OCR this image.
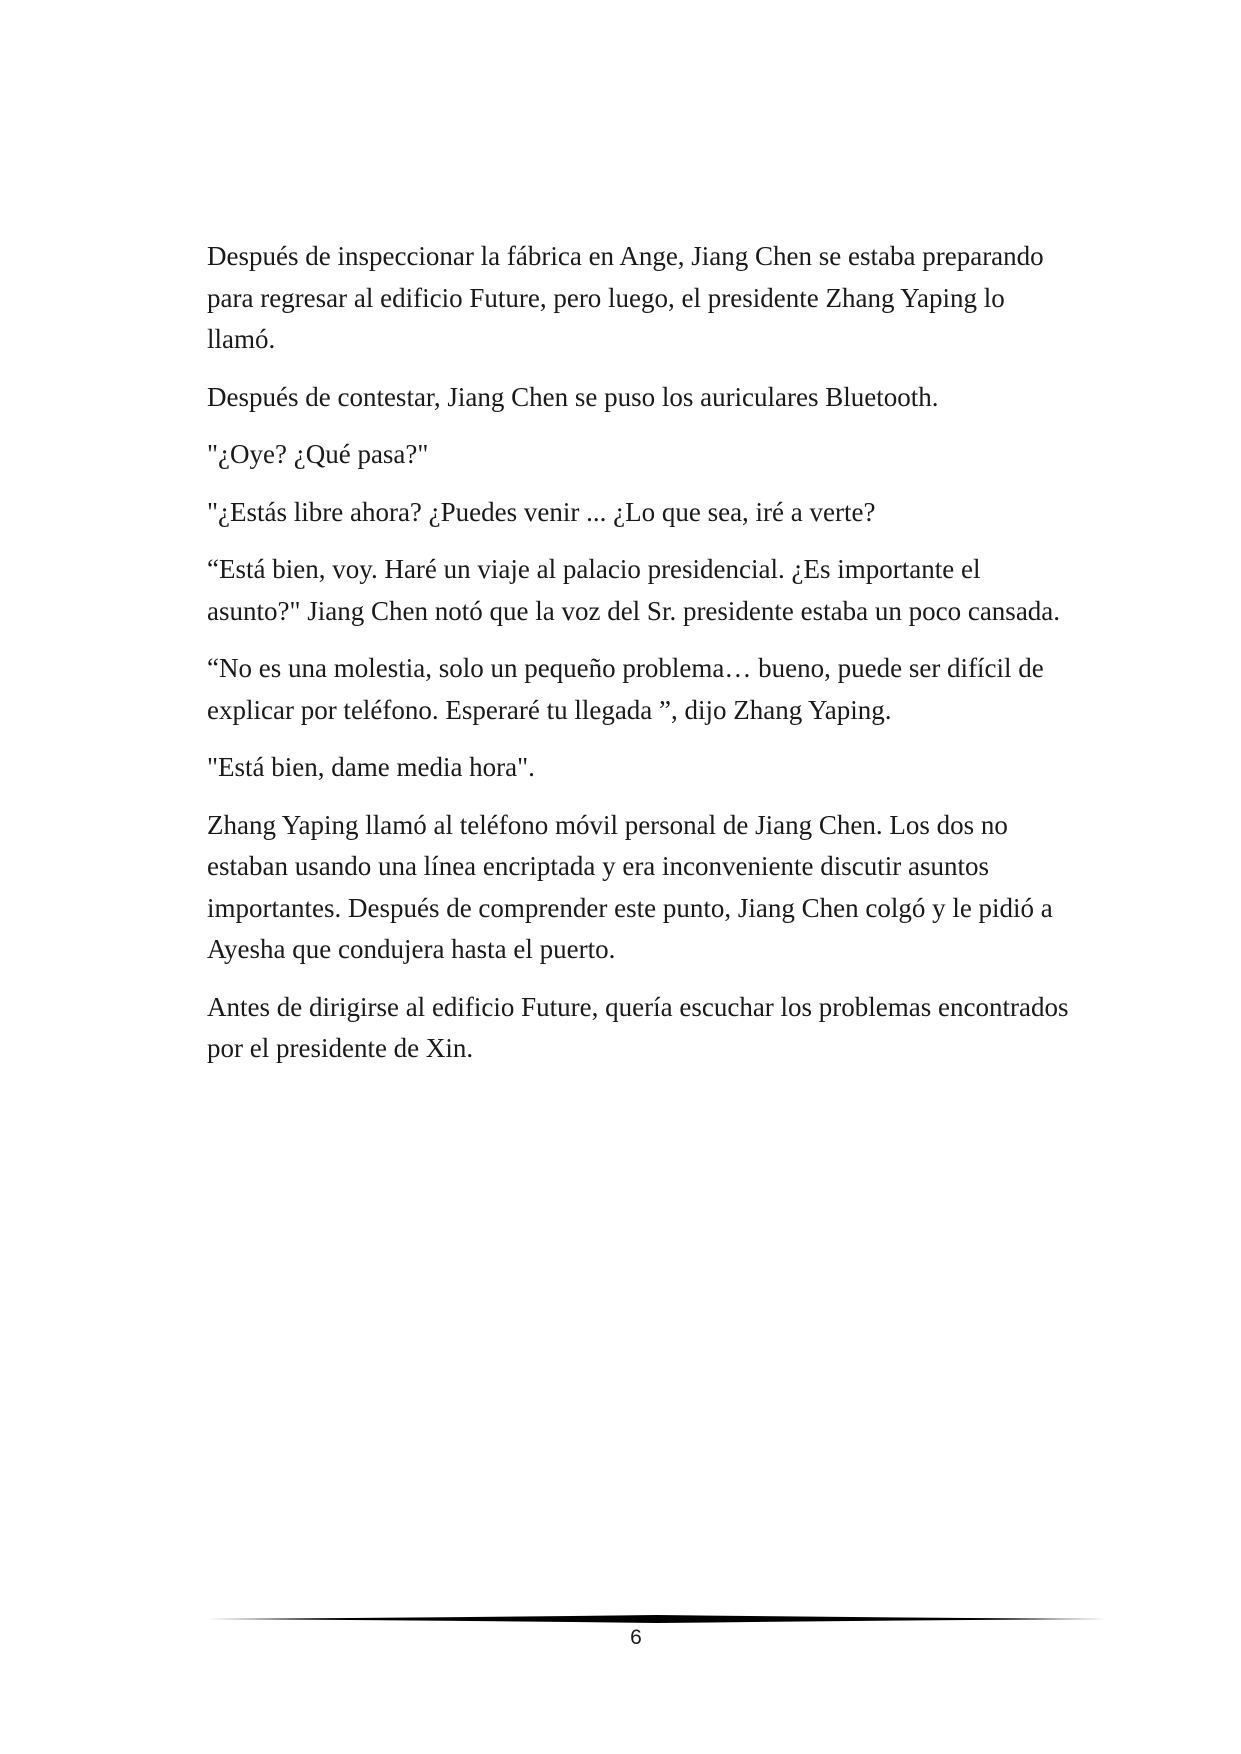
Después de inspeccionar la fábrica en Ange, Jiang Chen se estaba preparando para regresar al edificio Future, pero luego, el presidente Zhang Yaping lo llamó.

Después de contestar, Jiang Chen se puso los auriculares Bluetooth.

"¿Oye? ¿Qué pasa?"

"¿Estás libre ahora? ¿Puedes venir ... ¿Lo que sea, iré a verte?

“Está bien, voy. Haré un viaje al palacio presidencial. ¿Es importante el asunto?" Jiang Chen notó que la voz del Sr. presidente estaba un poco cansada.

“No es una molestia, solo un pequeño problema… bueno, puede ser difícil de explicar por teléfono. Esperaré tu llegada ”, dijo Zhang Yaping.

"Está bien, dame media hora".

Zhang Yaping llamó al teléfono móvil personal de Jiang Chen. Los dos no estaban usando una línea encriptada y era inconveniente discutir asuntos importantes. Después de comprender este punto, Jiang Chen colgó y le pidió a Ayesha que condujera hasta el puerto.

Antes de dirigirse al edificio Future, quería escuchar los problemas encontrados por el presidente de Xin.

6
